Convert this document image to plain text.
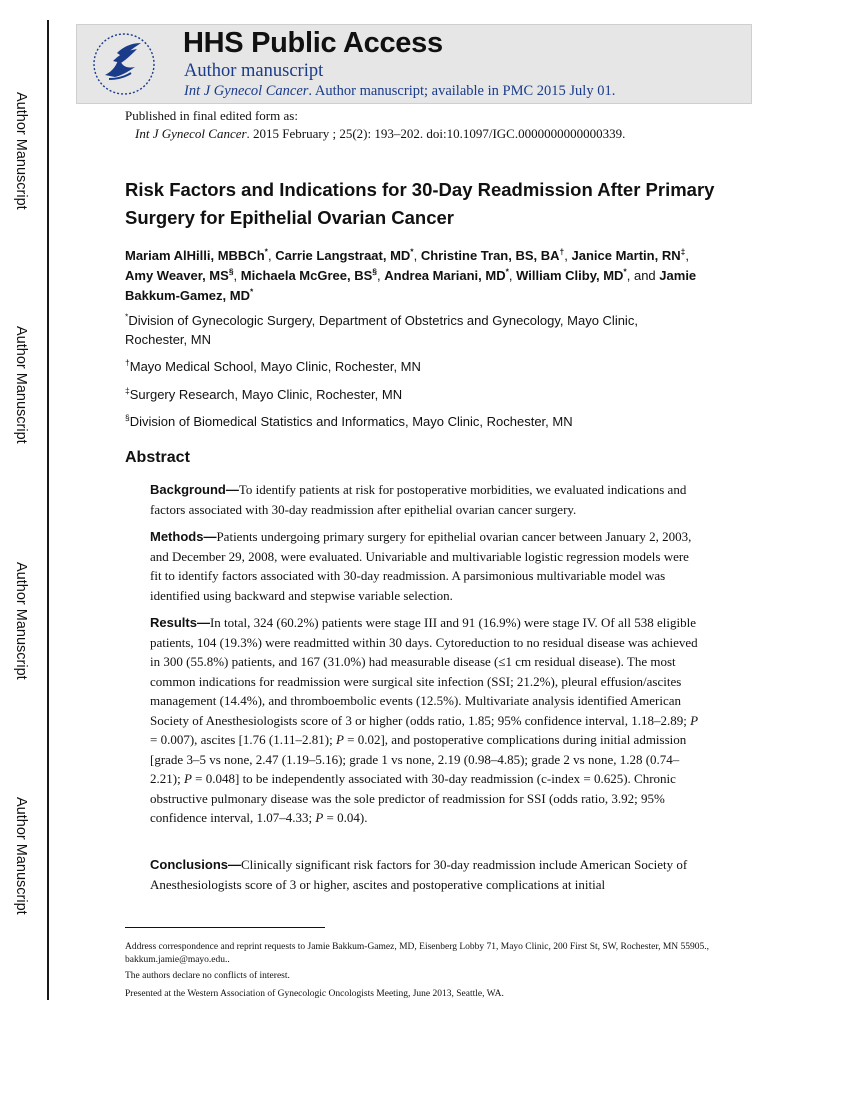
Author Manuscript
Author Manuscript
Author Manuscript
Author Manuscript
HHS Public Access
Author manuscript
Int J Gynecol Cancer. Author manuscript; available in PMC 2015 July 01.
Published in final edited form as:
Int J Gynecol Cancer. 2015 February ; 25(2): 193–202. doi:10.1097/IGC.0000000000000339.
Risk Factors and Indications for 30-Day Readmission After Primary Surgery for Epithelial Ovarian Cancer
Mariam AlHilli, MBBCh*, Carrie Langstraat, MD*, Christine Tran, BS, BA†, Janice Martin, RN‡, Amy Weaver, MS§, Michaela McGree, BS§, Andrea Mariani, MD*, William Cliby, MD*, and Jamie Bakkum-Gamez, MD*
*Division of Gynecologic Surgery, Department of Obstetrics and Gynecology, Mayo Clinic, Rochester, MN
†Mayo Medical School, Mayo Clinic, Rochester, MN
‡Surgery Research, Mayo Clinic, Rochester, MN
§Division of Biomedical Statistics and Informatics, Mayo Clinic, Rochester, MN
Abstract
Background—To identify patients at risk for postoperative morbidities, we evaluated indications and factors associated with 30-day readmission after epithelial ovarian cancer surgery.
Methods—Patients undergoing primary surgery for epithelial ovarian cancer between January 2, 2003, and December 29, 2008, were evaluated. Univariable and multivariable logistic regression models were fit to identify factors associated with 30-day readmission. A parsimonious multivariable model was identified using backward and stepwise variable selection.
Results—In total, 324 (60.2%) patients were stage III and 91 (16.9%) were stage IV. Of all 538 eligible patients, 104 (19.3%) were readmitted within 30 days. Cytoreduction to no residual disease was achieved in 300 (55.8%) patients, and 167 (31.0%) had measurable disease (≤1 cm residual disease). The most common indications for readmission were surgical site infection (SSI; 21.2%), pleural effusion/ascites management (14.4%), and thromboembolic events (12.5%). Multivariate analysis identified American Society of Anesthesiologists score of 3 or higher (odds ratio, 1.85; 95% confidence interval, 1.18–2.89; P = 0.007), ascites [1.76 (1.11–2.81); P = 0.02], and postoperative complications during initial admission [grade 3–5 vs none, 2.47 (1.19–5.16); grade 1 vs none, 2.19 (0.98–4.85); grade 2 vs none, 1.28 (0.74–2.21); P = 0.048] to be independently associated with 30-day readmission (c-index = 0.625). Chronic obstructive pulmonary disease was the sole predictor of readmission for SSI (odds ratio, 3.92; 95% confidence interval, 1.07–4.33; P = 0.04).
Conclusions—Clinically significant risk factors for 30-day readmission include American Society of Anesthesiologists score of 3 or higher, ascites and postoperative complications at initial
Address correspondence and reprint requests to Jamie Bakkum-Gamez, MD, Eisenberg Lobby 71, Mayo Clinic, 200 First St, SW, Rochester, MN 55905., bakkum.jamie@mayo.edu..
The authors declare no conflicts of interest.
Presented at the Western Association of Gynecologic Oncologists Meeting, June 2013, Seattle, WA.
